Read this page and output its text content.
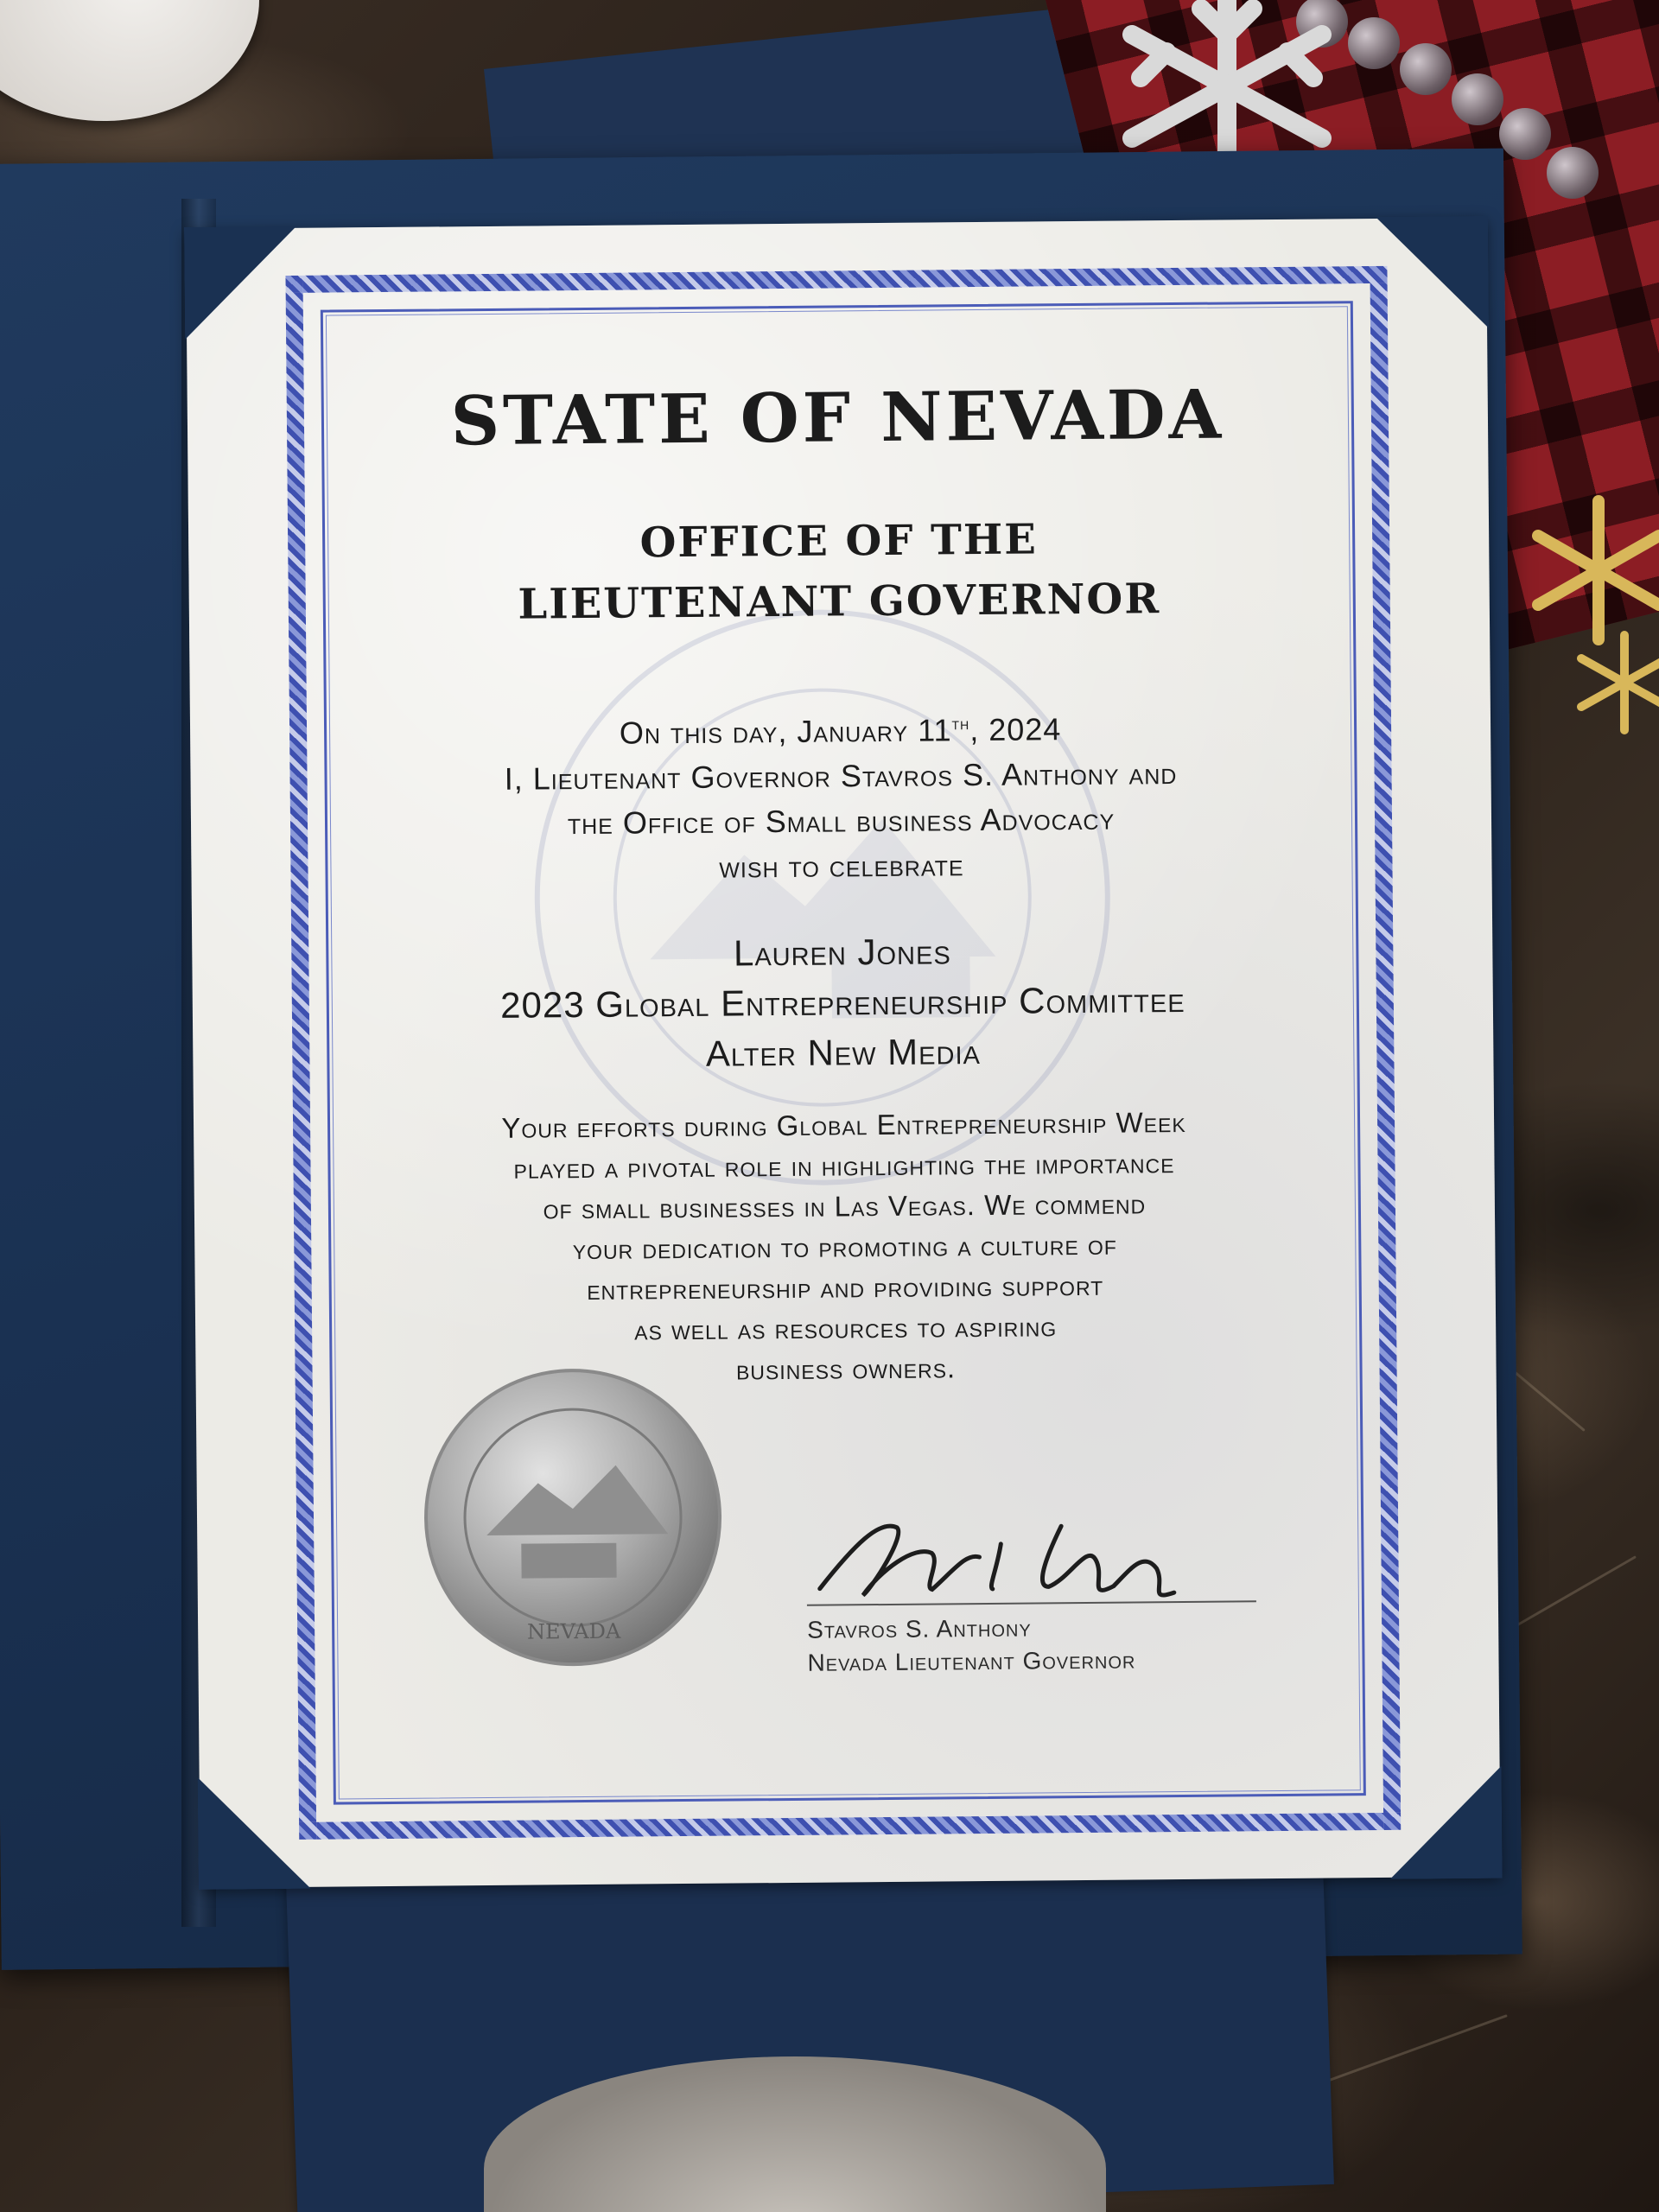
STATE OF NEVADA
OFFICE OF THE
LIEUTENANT GOVERNOR
On this day, January 11th, 2024
I, Lieutenant Governor Stavros S. Anthony and
the Office of Small business Advocacy
wish to celebrate
Lauren Jones
2023 Global Entrepreneurship Committee
Alter New Media
Your efforts during Global Entrepreneurship Week
played a pivotal role in highlighting the importance
of small businesses in Las Vegas. We commend
your dedication to promoting a culture of
entrepreneurship and providing support
as well as resources to aspiring
business owners.
NEVADA	Stavros S. Anthony
Nevada Lieutenant Governor
